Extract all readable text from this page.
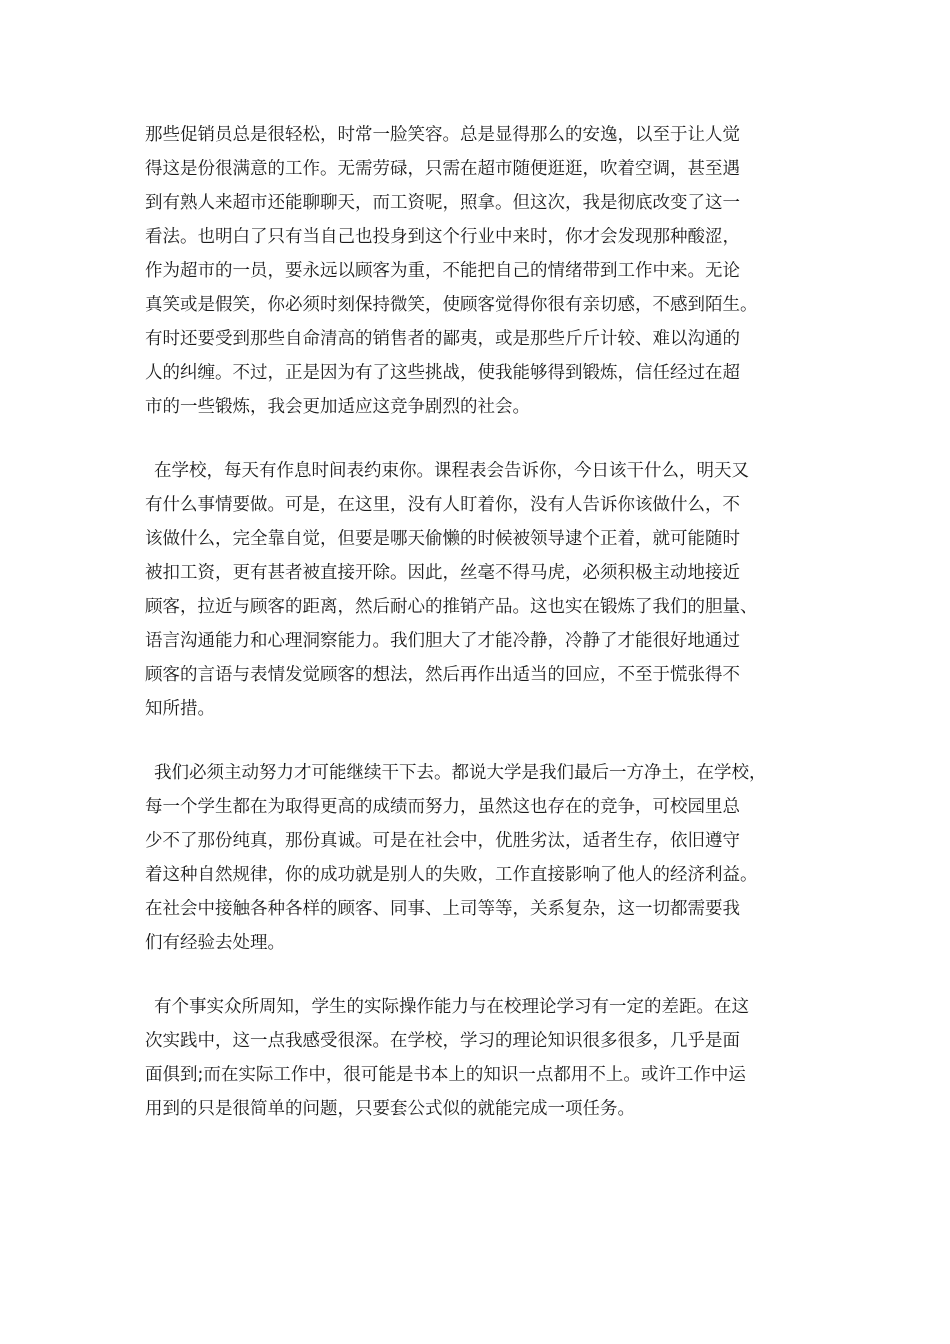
那些促销员总是很轻松，时常一脸笑容。总是显得那么的安逸，以至于让人觉
得这是份很满意的工作。无需劳碌，只需在超市随便逛逛，吹着空调，甚至遇
到有熟人来超市还能聊聊天，而工资呢，照拿。但这次，我是彻底改变了这一
看法。也明白了只有当自己也投身到这个行业中来时，你才会发现那种酸涩，
作为超市的一员，要永远以顾客为重，不能把自己的情绪带到工作中来。无论
真笑或是假笑，你必须时刻保持微笑，使顾客觉得你很有亲切感，不感到陌生。
有时还要受到那些自命清高的销售者的鄙夷，或是那些斤斤计较、难以沟通的
人的纠缠。不过，正是因为有了这些挑战，使我能够得到锻炼，信任经过在超
市的一些锻炼，我会更加适应这竞争剧烈的社会。
在学校，每天有作息时间表约束你。课程表会告诉你，今日该干什么，明天又
有什么事情要做。可是，在这里，没有人盯着你，没有人告诉你该做什么，不
该做什么，完全靠自觉，但要是哪天偷懒的时候被领导逮个正着，就可能随时
被扣工资，更有甚者被直接开除。因此，丝毫不得马虎，必须积极主动地接近
顾客，拉近与顾客的距离，然后耐心的推销产品。这也实在锻炼了我们的胆量、
语言沟通能力和心理洞察能力。我们胆大了才能冷静，冷静了才能很好地通过
顾客的言语与表情发觉顾客的想法，然后再作出适当的回应，不至于慌张得不
知所措。
我们必须主动努力才可能继续干下去。都说大学是我们最后一方净土，在学校，
每一个学生都在为取得更高的成绩而努力，虽然这也存在的竞争，可校园里总
少不了那份纯真，那份真诚。可是在社会中，优胜劣汰，适者生存，依旧遵守
着这种自然规律，你的成功就是别人的失败，工作直接影响了他人的经济利益。
在社会中接触各种各样的顾客、同事、上司等等，关系复杂，这一切都需要我
们有经验去处理。
有个事实众所周知，学生的实际操作能力与在校理论学习有一定的差距。在这
次实践中，这一点我感受很深。在学校，学习的理论知识很多很多，几乎是面
面俱到;而在实际工作中，很可能是书本上的知识一点都用不上。或许工作中运
用到的只是很简单的问题，只要套公式似的就能完成一项任务。
